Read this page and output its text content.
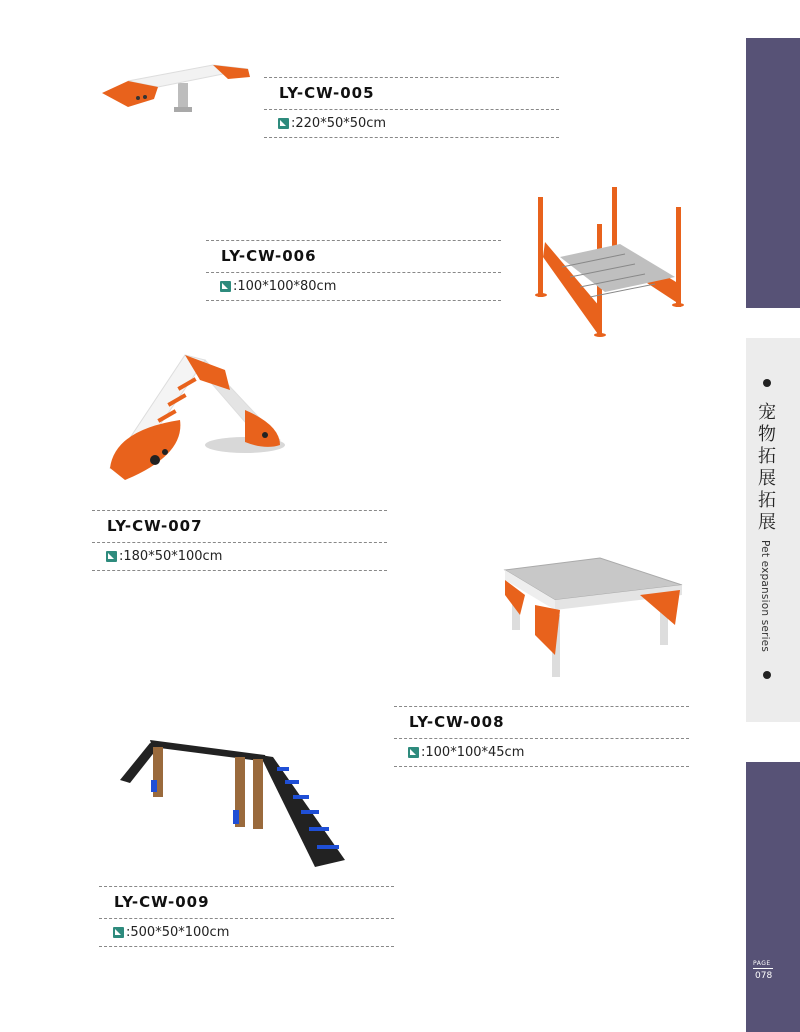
宠物拓展拓展
Pet expansion series
PAGE
078
LY-CW-005
: 220*50*50cm
LY-CW-006
: 100*100*80cm
LY-CW-007
: 180*50*100cm
LY-CW-008
: 100*100*45cm
LY-CW-009
: 500*50*100cm
